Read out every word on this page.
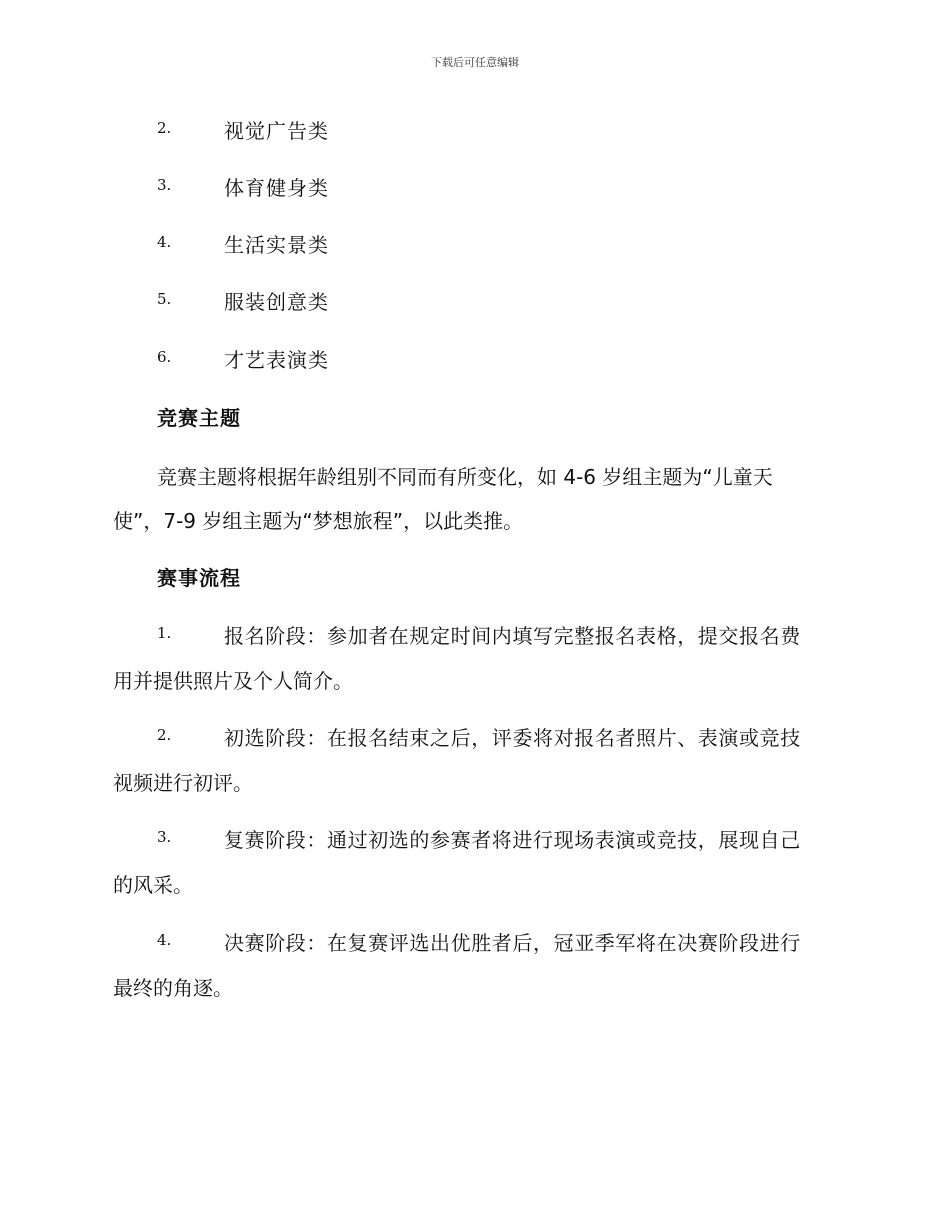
下载后可任意编辑
2.	视觉广告类
3.	体育健身类
4.	生活实景类
5.	服装创意类
6.	才艺表演类
竞赛主题
竞赛主题将根据年龄组别不同而有所变化，如 4-6 岁组主题为“儿童天
使”，7-9 岁组主题为“梦想旅程”，以此类推。
赛事流程
1.	报名阶段：参加者在规定时间内填写完整报名表格，提交报名费
用并提供照片及个人简介。
2.	初选阶段：在报名结束之后，评委将对报名者照片、表演或竞技
视频进行初评。
3.	复赛阶段：通过初选的参赛者将进行现场表演或竞技，展现自己
的风采。
4.	决赛阶段：在复赛评选出优胜者后，冠亚季军将在决赛阶段进行
最终的角逐。
